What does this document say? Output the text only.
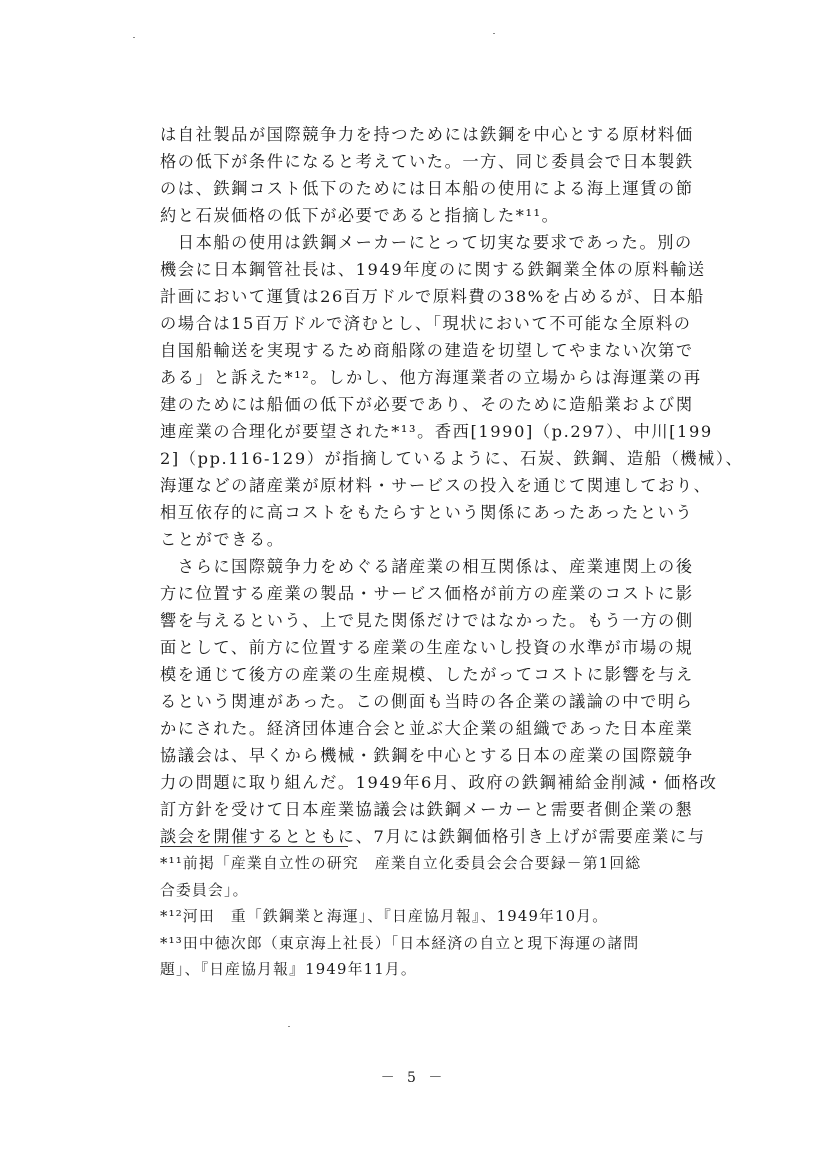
は自社製品が国際競争力を持つためには鉄鋼を中心とする原材料価
格の低下が条件になると考えていた。一方、同じ委員会で日本製鉄
のは、鉄鋼コスト低下のためには日本船の使用による海上運賃の節
約と石炭価格の低下が必要であると指摘した*¹¹。
　日本船の使用は鉄鋼メーカーにとって切実な要求であった。別の
機会に日本鋼管社長は、1949年度のに関する鉄鋼業全体の原料輸送
計画において運賃は26百万ドルで原料費の38%を占めるが、日本船
の場合は15百万ドルで済むとし、「現状において不可能な全原料の
自国船輸送を実現するため商船隊の建造を切望してやまない次第で
ある」と訴えた*¹²。しかし、他方海運業者の立場からは海運業の再
建のためには船価の低下が必要であり、そのために造船業および関
連産業の合理化が要望された*¹³。香西[1990]（p.297）、中川[199
2]（pp.116-129）が指摘しているように、石炭、鉄鋼、造船（機械）、
海運などの諸産業が原材料・サービスの投入を通じて関連しており、
相互依存的に高コストをもたらすという関係にあったあったという
ことができる。
　さらに国際競争力をめぐる諸産業の相互関係は、産業連関上の後
方に位置する産業の製品・サービス価格が前方の産業のコストに影
響を与えるという、上で見た関係だけではなかった。もう一方の側
面として、前方に位置する産業の生産ないし投資の水準が市場の規
模を通じて後方の産業の生産規模、したがってコストに影響を与え
るという関連があった。この側面も当時の各企業の議論の中で明ら
かにされた。経済団体連合会と並ぶ大企業の組織であった日本産業
協議会は、早くから機械・鉄鋼を中心とする日本の産業の国際競争
力の問題に取り組んだ。1949年6月、政府の鉄鋼補給金削減・価格改
訂方針を受けて日本産業協議会は鉄鋼メーカーと需要者側企業の懇
談会を開催するとともに、7月には鉄鋼価格引き上げが需要産業に与
*¹¹前掲「産業自立性の研究　産業自立化委員会会合要録－第1回総
合委員会」。
*¹²河田　重「鉄鋼業と海運」、『日産協月報』、1949年10月。
*¹³田中徳次郎（東京海上社長）「日本経済の自立と現下海運の諸問
題」、『日産協月報』1949年11月。
－ 5 －
